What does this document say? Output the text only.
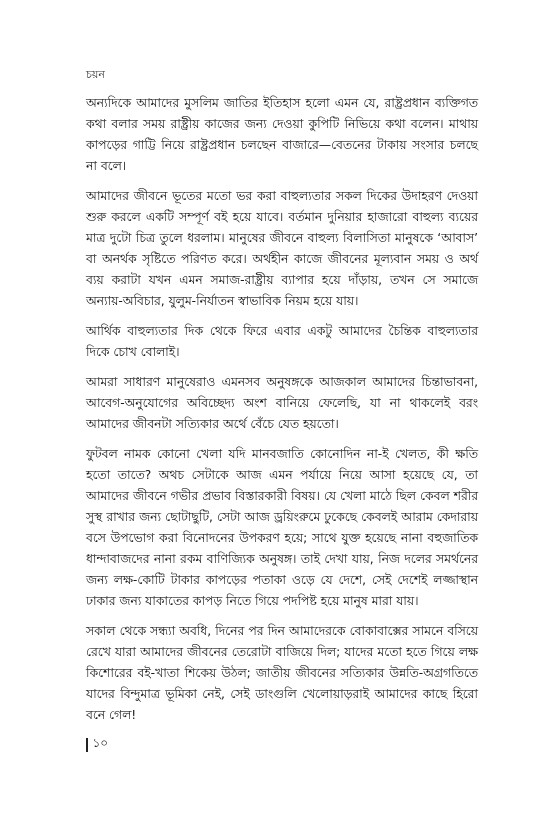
চয়ন

অন্যদিকে আমাদের মুসলিম জাতির ইতিহাস হলো এমন যে, রাষ্ট্রপ্রধান ব্যক্তিগত কথা বলার সময় রাষ্ট্রীয় কাজের জন্য দেওয়া কুপিটি নিভিয়ে কথা বলেন। মাথায় কাপড়ের গাট্টি নিয়ে রাষ্ট্রপ্রধান চলছেন বাজারে—বেতনের টাকায় সংসার চলছে না বলে।

আমাদের জীবনে ভূতের মতো ভর করা বাহুল্যতার সকল দিকের উদাহরণ দেওয়া শুরু করলে একটি সম্পূর্ণ বই হয়ে যাবে। বর্তমান দুনিয়ার হাজারো বাহুল্য ব্যয়ের মাত্র দুটো চিত্র তুলে ধরলাম। মানুষের জীবনে বাহুল্য বিলাসিতা মানুষকে ‘আবাস’ বা অনর্থক সৃষ্টিতে পরিণত করে। অর্থহীন কাজে জীবনের মূল্যবান সময় ও অর্থ ব্যয় করাটা যখন এমন সমাজ-রাষ্ট্রীয় ব্যাপার হয়ে দাঁড়ায়, তখন সে সমাজে অন্যায়-অবিচার, যুলুম-নির্যাতন স্বাভাবিক নিয়ম হয়ে যায়।

আর্থিক বাহুল্যতার দিক থেকে ফিরে এবার একটু আমাদের চৈন্তিক বাহুল্যতার দিকে চোখ বোলাই।

আমরা সাধারণ মানুষেরাও এমনসব অনুষঙ্গকে আজকাল আমাদের চিন্তাভাবনা, আবেগ-অনুযোগের অবিচ্ছেদ্য অংশ বানিয়ে ফেলেছি, যা না থাকলেই বরং আমাদের জীবনটা সত্যিকার অর্থে বেঁচে যেত হয়তো।

ফুটবল নামক কোনো খেলা যদি মানবজাতি কোনোদিন না-ই খেলত, কী ক্ষতি হতো তাতে? অথচ সেটাকে আজ এমন পর্যায়ে নিয়ে আসা হয়েছে যে, তা আমাদের জীবনে গভীর প্রভাব বিস্তারকারী বিষয়। যে খেলা মাঠে ছিল কেবল শরীর সুস্থ রাখার জন্য ছোটাছুটি, সেটা আজ ড্রয়িংরুমে ঢুকেছে কেবলই আরাম কেদারায় বসে উপভোগ করা বিনোদনের উপকরণ হয়ে; সাথে যুক্ত হয়েছে নানা বহুজাতিক ধান্দাবাজদের নানা রকম বাণিজ্যিক অনুষঙ্গ। তাই দেখা যায়, নিজ দলের সমর্থনের জন্য লক্ষ-কোটি টাকার কাপড়ের পতাকা ওড়ে যে দেশে, সেই দেশেই লজ্জাস্থান ঢাকার জন্য যাকাতের কাপড় নিতে গিয়ে পদপিষ্ট হয়ে মানুষ মারা যায়।

সকাল থেকে সন্ধ্যা অবধি, দিনের পর দিন আমাদেরকে বোকাবাক্সের সামনে বসিয়ে রেখে যারা আমাদের জীবনের তেরোটা বাজিয়ে দিল; যাদের মতো হতে গিয়ে লক্ষ কিশোরের বই-খাতা শিকেয় উঠল; জাতীয় জীবনের সত্যিকার উন্নতি-অগ্রগতিতে যাদের বিন্দুমাত্র ভূমিকা নেই, সেই ডাংগুলি খেলোয়াড়রাই আমাদের কাছে হিরো বনে গেল!

১০
